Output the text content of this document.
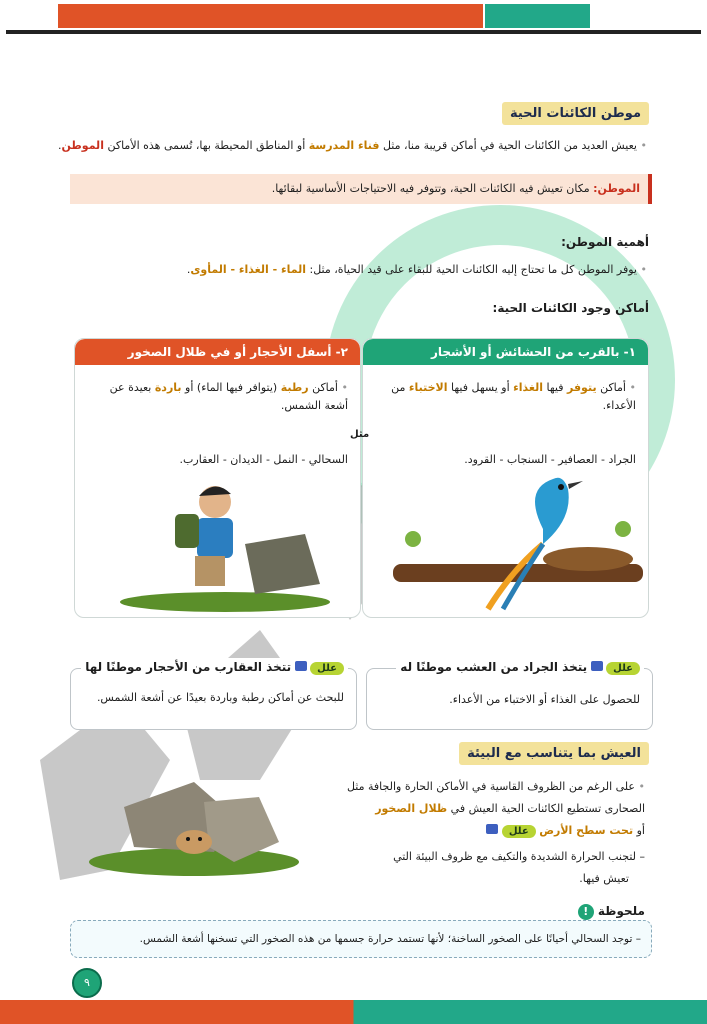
موطن الكائنات الحية
• يعيش العديد من الكائنات الحية في أماكن قريبة منا، مثل فناء المدرسة أو المناطق المحيطة بها، تُسمى هذه الأماكن الموطن.
الموطن: مكان تعيش فيه الكائنات الحية، وتتوفر فيه الاحتياجات الأساسية لبقائها.
أهمية الموطن:
• يوفر الموطن كل ما تحتاج إليه الكائنات الحية للبقاء على قيد الحياة، مثل: الماء - الغذاء - المأوى.
أماكن وجود الكائنات الحية:
١- بالقرب من الحشائش أو الأشجار
• أماكن يتوفر فيها الغذاء أو يسهل فيها الاختباء من الأعداء.
الجراد - العصافير - السنجاب - القرود.
٢- أسفل الأحجار أو في ظلال الصخور
• أماكن رطبة (يتوافر فيها الماء) أو باردة بعيدة عن أشعة الشمس.
السحالي - النمل - الديدان - العقارب.
مثل
علل  يتخذ الجراد من العشب موطنًا له
للحصول على الغذاء أو الاختباء من الأعداء.
علل  تتخذ العقارب من الأحجار موطنًا لها
للبحث عن أماكن رطبة وباردة بعيدًا عن أشعة الشمس.
العيش بما يتناسب مع البيئة
• على الرغم من الظروف القاسية في الأماكن الحارة والجافة مثل
الصحارى تستطيع الكائنات الحية العيش في ظلال الصخور
أو تحت سطح الأرض علل
– لتجنب الحرارة الشديدة والتكيف مع ظروف البيئة التي
تعيش فيها.
ملحوظة !
– توجد السحالي أحيانًا على الصخور الساخنة؛ لأنها تستمد حرارة جسمها من هذه الصخور التي تسخنها أشعة الشمس.
٩
